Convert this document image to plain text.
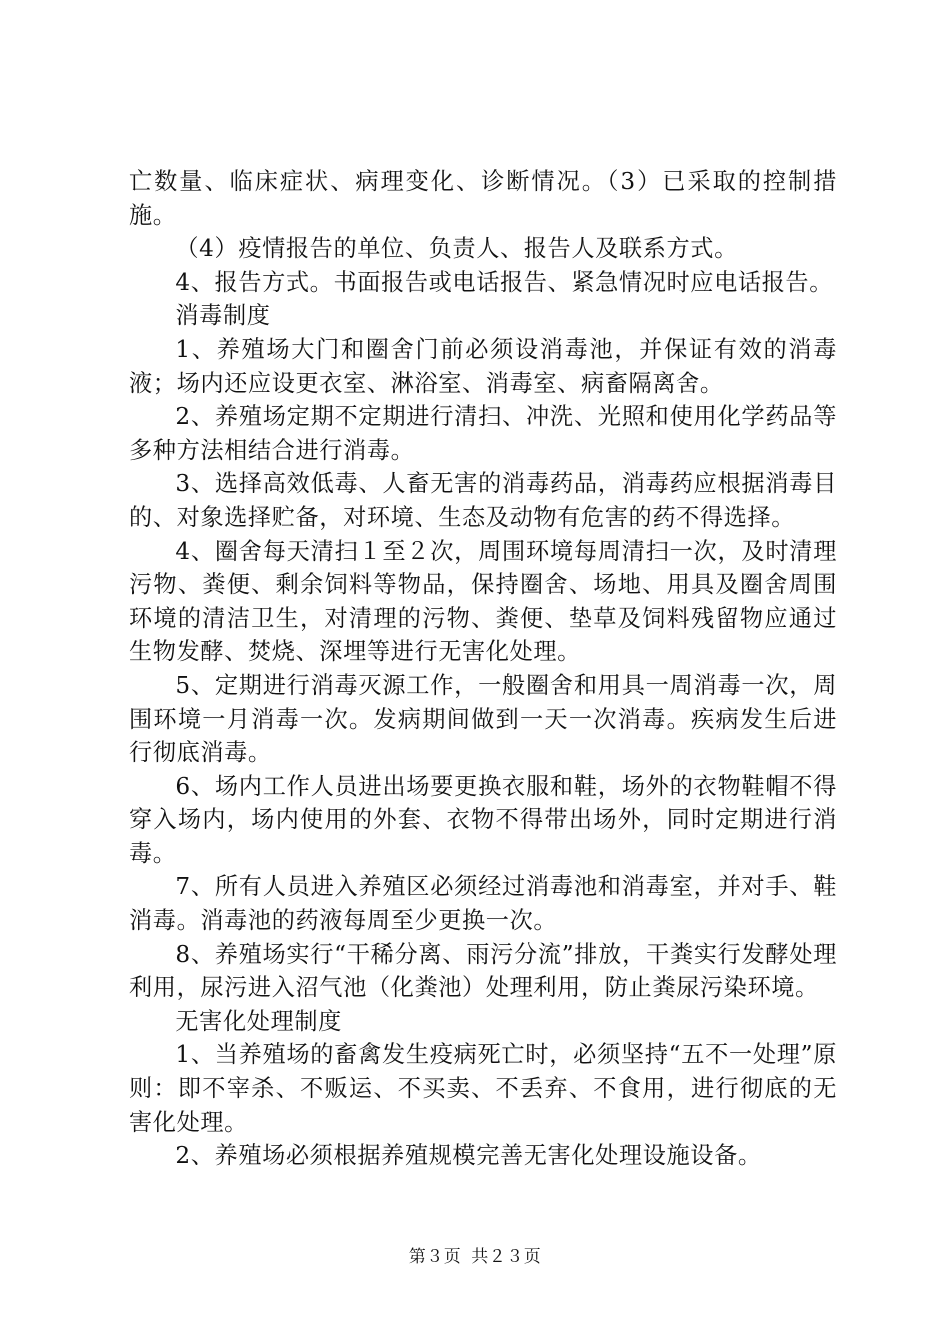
亡数量、临床症状、病理变化、诊断情况。（3）已采取的控制措施。

（4）疫情报告的单位、负责人、报告人及联系方式。

4、报告方式。书面报告或电话报告、紧急情况时应电话报告。

消毒制度

1、养殖场大门和圈舍门前必须设消毒池，并保证有效的消毒液；场内还应设更衣室、淋浴室、消毒室、病畜隔离舍。

2、养殖场定期不定期进行清扫、冲洗、光照和使用化学药品等多种方法相结合进行消毒。

3、选择高效低毒、人畜无害的消毒药品，消毒药应根据消毒目的、对象选择贮备，对环境、生态及动物有危害的药不得选择。

4、圈舍每天清扫１至２次，周围环境每周清扫一次，及时清理污物、粪便、剩余饲料等物品，保持圈舍、场地、用具及圈舍周围环境的清洁卫生，对清理的污物、粪便、垫草及饲料残留物应通过生物发酵、焚烧、深埋等进行无害化处理。

5、定期进行消毒灭源工作，一般圈舍和用具一周消毒一次，周围环境一月消毒一次。发病期间做到一天一次消毒。疾病发生后进行彻底消毒。

6、场内工作人员进出场要更换衣服和鞋，场外的衣物鞋帽不得穿入场内，场内使用的外套、衣物不得带出场外，同时定期进行消毒。

7、所有人员进入养殖区必须经过消毒池和消毒室，并对手、鞋消毒。消毒池的药液每周至少更换一次。

8、养殖场实行“干稀分离、雨污分流”排放，干粪实行发酵处理利用，尿污进入沼气池（化粪池）处理利用，防止粪尿污染环境。

无害化处理制度

1、当养殖场的畜禽发生疫病死亡时，必须坚持“五不一处理”原则：即不宰杀、不贩运、不买卖、不丢弃、不食用，进行彻底的无害化处理。

2、养殖场必须根据养殖规模完善无害化处理设施设备。

第３页 共２３页
